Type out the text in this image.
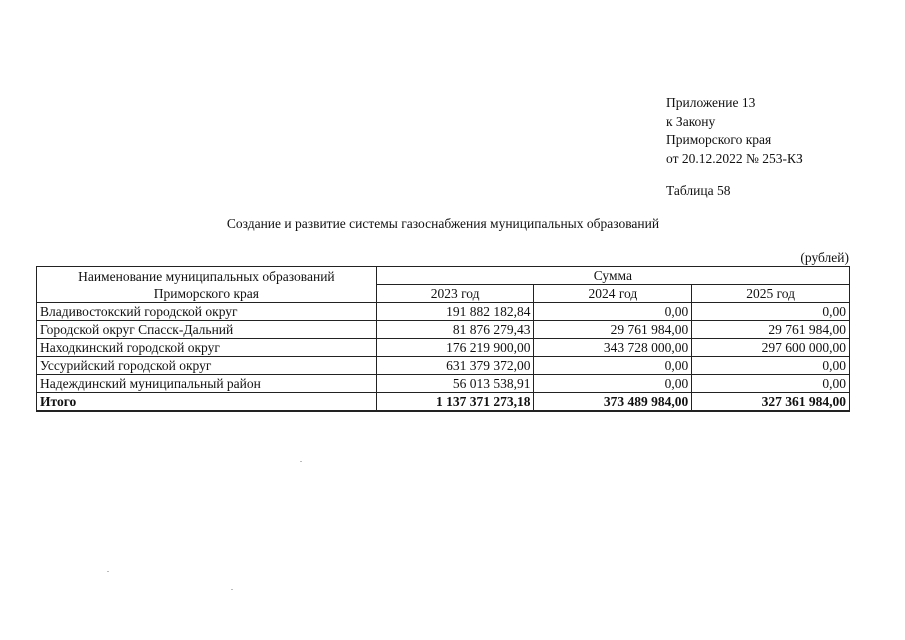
Приложение 13
к Закону
Приморского края
от 20.12.2022 № 253-КЗ
Таблица 58
Создание и развитие системы газоснабжения муниципальных образований
(рублей)
Наименование муниципальных образований Приморского края	Сумма		
	2023 год	2024 год	2025 год
Владивостокский городской округ	191 882 182,84	0,00	0,00
Городской округ Спасск-Дальний	81 876 279,43	29 761 984,00	29 761 984,00
Находкинский городской округ	176 219 900,00	343 728 000,00	297 600 000,00
Уссурийский городской округ	631 379 372,00	0,00	0,00
Надеждинский муниципальный район	56 013 538,91	0,00	0,00
Итого	1 137 371 273,18	373 489 984,00	327 361 984,00
